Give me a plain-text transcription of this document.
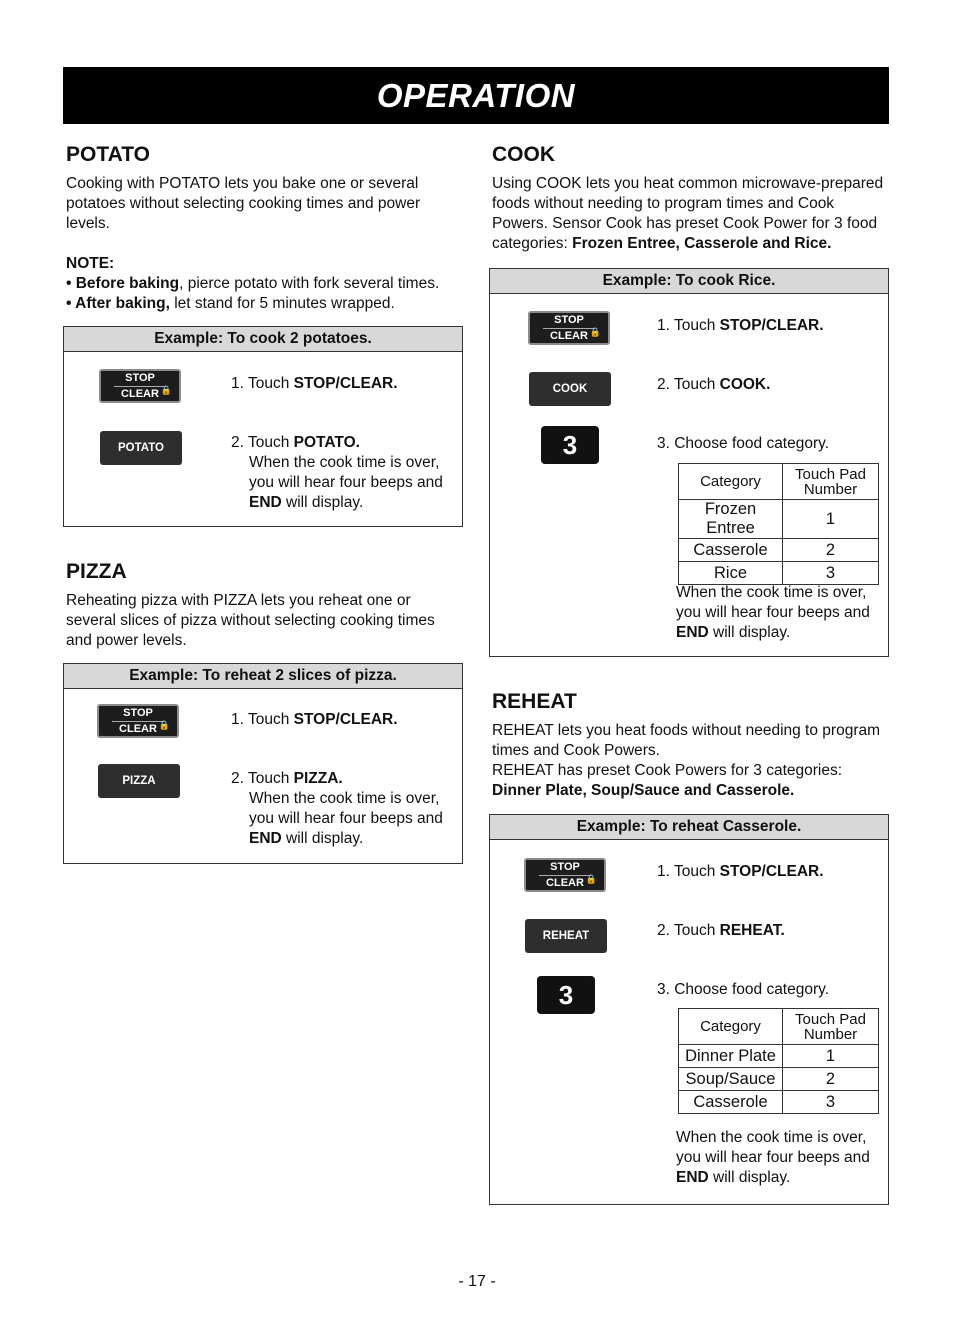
OPERATION
POTATO

Cooking with POTATO lets you bake one or several potatoes without selecting cooking times and power levels.

NOTE:
• Before baking, pierce potato with fork several times.
• After baking, let stand for 5 minutes wrapped.

Example: To cook 2 potatoes.
STOP
CLEAR 🔒	1. Touch STOP/CLEAR.
POTATO	2. Touch POTATO.
When the cook time is over, you will hear four beeps and END will display.
PIZZA

Reheating pizza with PIZZA lets you reheat one or several slices of pizza without selecting cooking times and power levels.

Example: To reheat 2 slices of pizza.
STOP
CLEAR 🔒	1. Touch STOP/CLEAR.
PIZZA	2. Touch PIZZA.
When the cook time is over, you will hear four beeps and END will display.
COOK

Using COOK lets you heat common microwave-prepared foods without needing to program times and Cook Powers. Sensor Cook has preset Cook Power for 3 food categories: Frozen Entree, Casserole and Rice.

Example: To cook Rice.
STOP
CLEAR 🔒	1. Touch STOP/CLEAR.
COOK	2. Touch COOK.
3	3. Choose food category.
Category	Touch Pad Number
Frozen Entree	1
Casserole	2
Rice	3
When the cook time is over, you will hear four beeps and END will display.
REHEAT

REHEAT lets you heat foods without needing to program times and Cook Powers.
REHEAT has preset Cook Powers for 3 categories:
Dinner Plate, Soup/Sauce and Casserole.

Example: To reheat Casserole.
STOP
CLEAR 🔒	1. Touch STOP/CLEAR.
REHEAT	2. Touch REHEAT.
3	3. Choose food category.
Category	Touch Pad Number
Dinner Plate	1
Soup/Sauce	2
Casserole	3
When the cook time is over, you will hear four beeps and END will display.
- 17 -
